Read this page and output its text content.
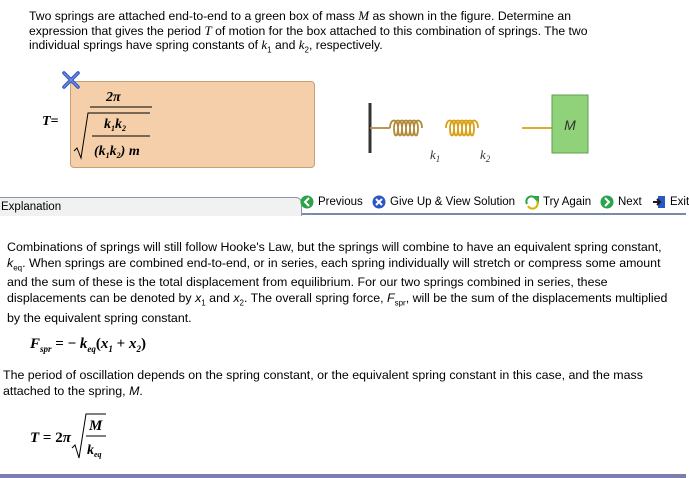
Two springs are attached end-to-end to a green box of mass M as shown in the figure. Determine an
expression that gives the period T of motion for the box attached to this combination of springs. The two
individual springs have spring constants of $k_1$ and $k_2$, respectively.
T=
2π
$k_1k_2$
$(k_1k_2)$ m
M
$k_1$	$k_2$
Explanation	Previous Give Up & View Solution Try Again Next Exit
Combinations of springs will still follow Hooke's Law, but the springs will combine to have an equivalent spring constant, $k_{eq}$. When springs are combined end-to-end, or in series, each spring individually will stretch or compress some amount and the sum of these is the total displacement from equilibrium. For our two springs combined in series, these displacements can be denoted by $x_1$ and $x_2$. The overall spring force, $F_{spr}$, will be the sum of the displacements multiplied by the equivalent spring constant.
$F_{spr}$ = − $k_{eq}(x_1 + x_2)$
The period of oscillation depends on the spring constant, or the equivalent spring constant in this case, and the mass attached to the spring, M.
T = 2π
M
$k_{eq}$
